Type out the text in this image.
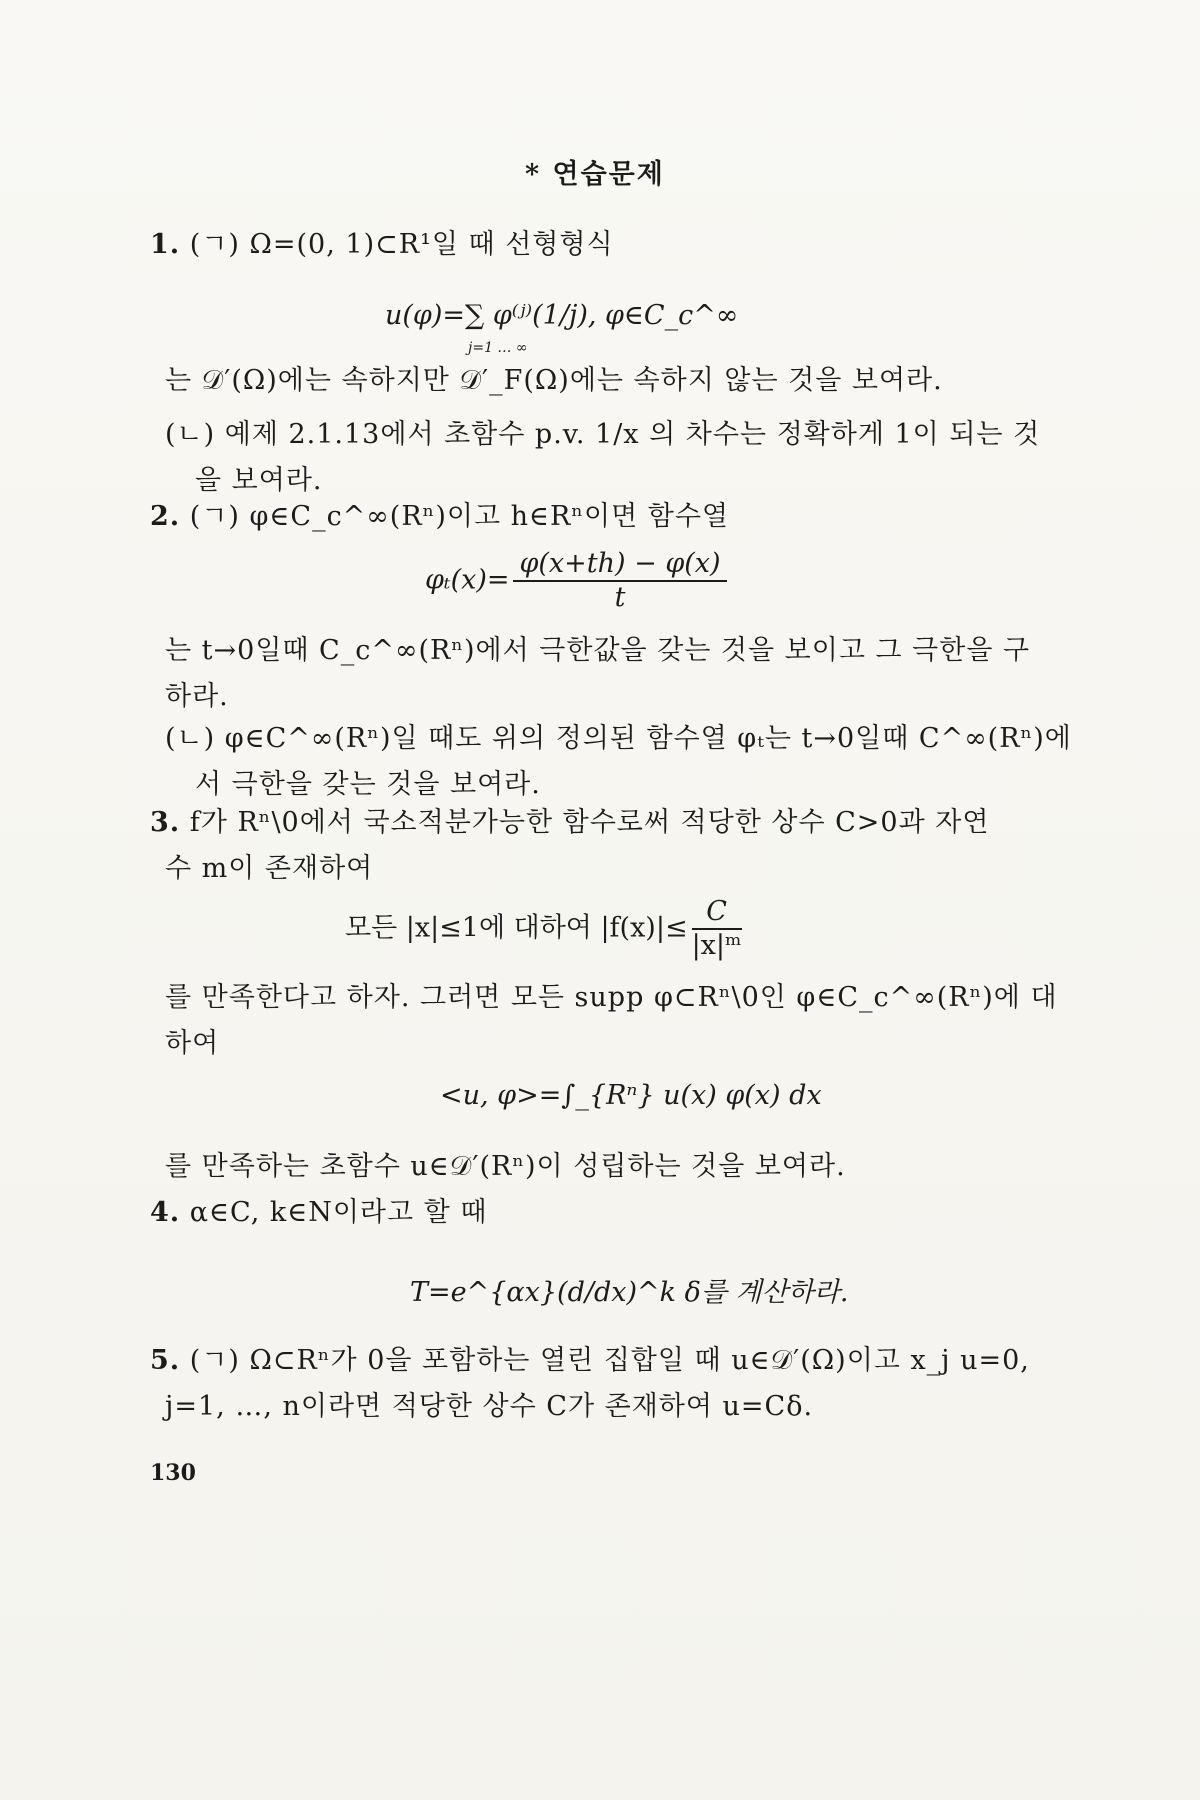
* 연습문제
1. (ㄱ) Ω=(0, 1)⊂R¹일 때 선형형식
u(φ)=∑ φ⁽ʲ⁾(1/j), φ∈C_c^∞
j=1 … ∞
는 𝒟′(Ω)에는 속하지만 𝒟′_F(Ω)에는 속하지 않는 것을 보여라.
(ㄴ) 예제 2.1.13에서 초함수 p.v. 1/x 의 차수는 정확하게 1이 되는 것
을 보여라.
2. (ㄱ) φ∈C_c^∞(Rⁿ)이고 h∈Rⁿ이면 함수열
$\varphi_t(x)= \frac{\varphi(x+th) - \varphi(x)}{t}$
는 t→0일때 C_c^∞(Rⁿ)에서 극한값을 갖는 것을 보이고 그 극한을 구
하라.
(ㄴ) φ∈C^∞(Rⁿ)일 때도 위의 정의된 함수열 φₜ는 t→0일때 C^∞(Rⁿ)에
서 극한을 갖는 것을 보여라.
3. f가 Rⁿ\0에서 국소적분가능한 함수로써 적당한 상수 C>0과 자연
수 m이 존재하여
모든 |x|≤1에 대하여 $|f(x)|\le \frac{C}{\text{|x|ᵐ}}$
를 만족한다고 하자. 그러면 모든 supp φ⊂Rⁿ\0인 φ∈C_c^∞(Rⁿ)에 대
하여
<u, φ>=∫_{Rⁿ} u(x) φ(x) dx
를 만족하는 초함수 u∈𝒟′(Rⁿ)이 성립하는 것을 보여라.
4. α∈C, k∈N이라고 할 때
T=e^{αx}(d/dx)^k δ를 계산하라.
5. (ㄱ) Ω⊂Rⁿ가 0을 포함하는 열린 집합일 때 u∈𝒟′(Ω)이고 x_j u=0,
j=1, …, n이라면 적당한 상수 C가 존재하여 u=Cδ.
130
